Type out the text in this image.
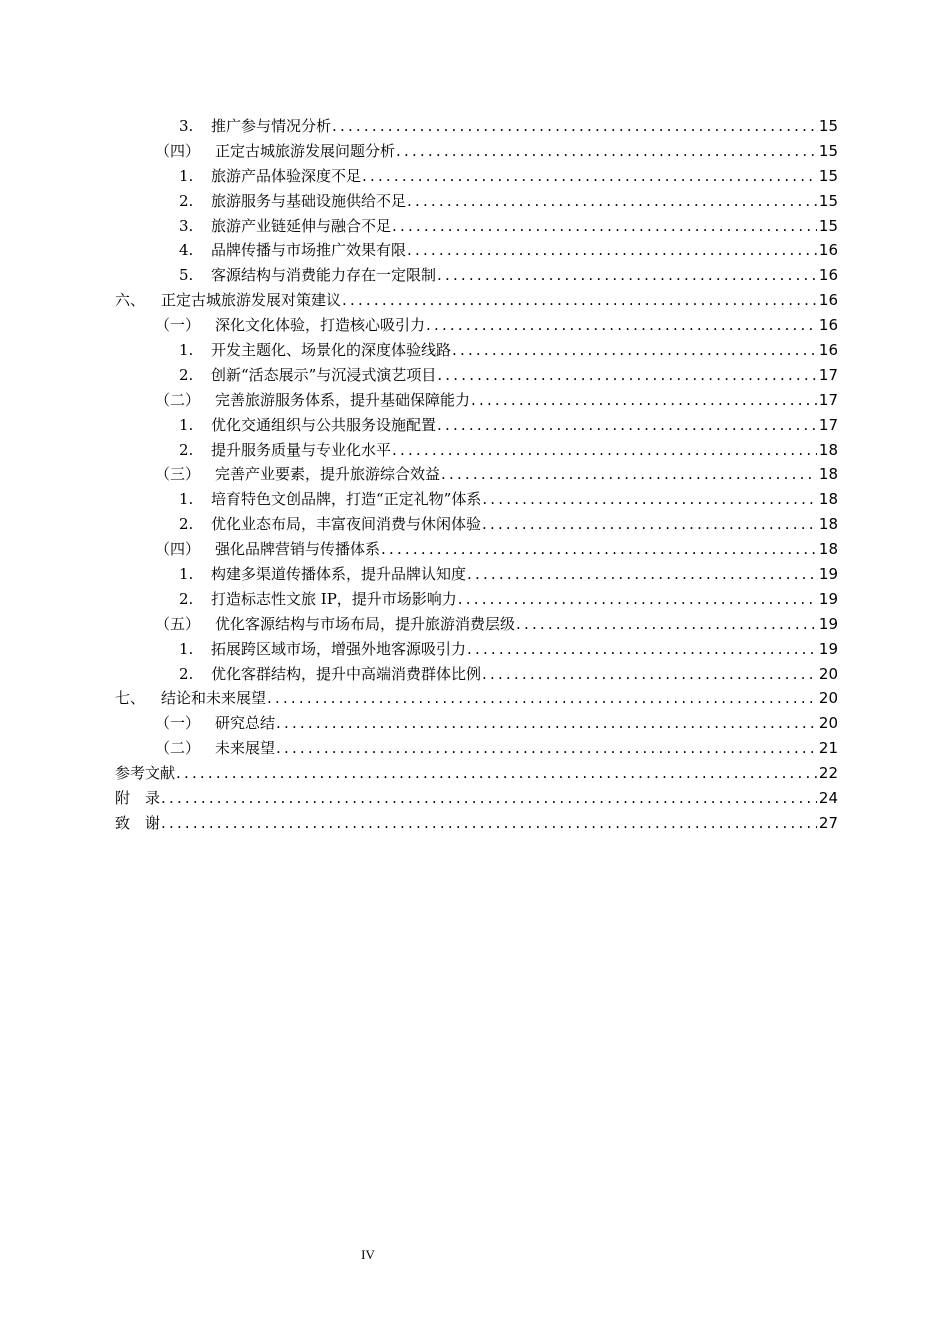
3.	推广参与情况分析 .....	15
（四） 正定古城旅游发展问题分析 .....	15
1.	旅游产品体验深度不足 .....	15
2.	旅游服务与基础设施供给不足 .....	15
3.	旅游产业链延伸与融合不足 .....	15
4.	品牌传播与市场推广效果有限 .....	16
5.	客源结构与消费能力存在一定限制 .....	16
六、	正定古城旅游发展对策建议 .....	16
（一） 深化文化体验，打造核心吸引力 .....	16
1.	开发主题化、场景化的深度体验线路 .....	16
2.	创新“活态展示”与沉浸式演艺项目 .....	17
（二） 完善旅游服务体系，提升基础保障能力 .....	17
1.	优化交通组织与公共服务设施配置 .....	17
2.	提升服务质量与专业化水平 .....	18
（三） 完善产业要素，提升旅游综合效益 .....	18
1.	培育特色文创品牌，打造“正定礼物”体系 .....	18
2.	优化业态布局，丰富夜间消费与休闲体验 .....	18
（四） 强化品牌营销与传播体系 .....	18
1.	构建多渠道传播体系，提升品牌认知度 .....	19
2.	打造标志性文旅 IP，提升市场影响力 .....	19
（五） 优化客源结构与市场布局，提升旅游消费层级 .....	19
1.	拓展跨区域市场，增强外地客源吸引力 .....	19
2.	优化客群结构，提升中高端消费群体比例 .....	20
七、	结论和未来展望 .....	20
（一） 研究总结 .....	20
（二） 未来展望 .....	21
参考文献 .....	22
附　录 .....	24
致　谢 .....	27
IV
